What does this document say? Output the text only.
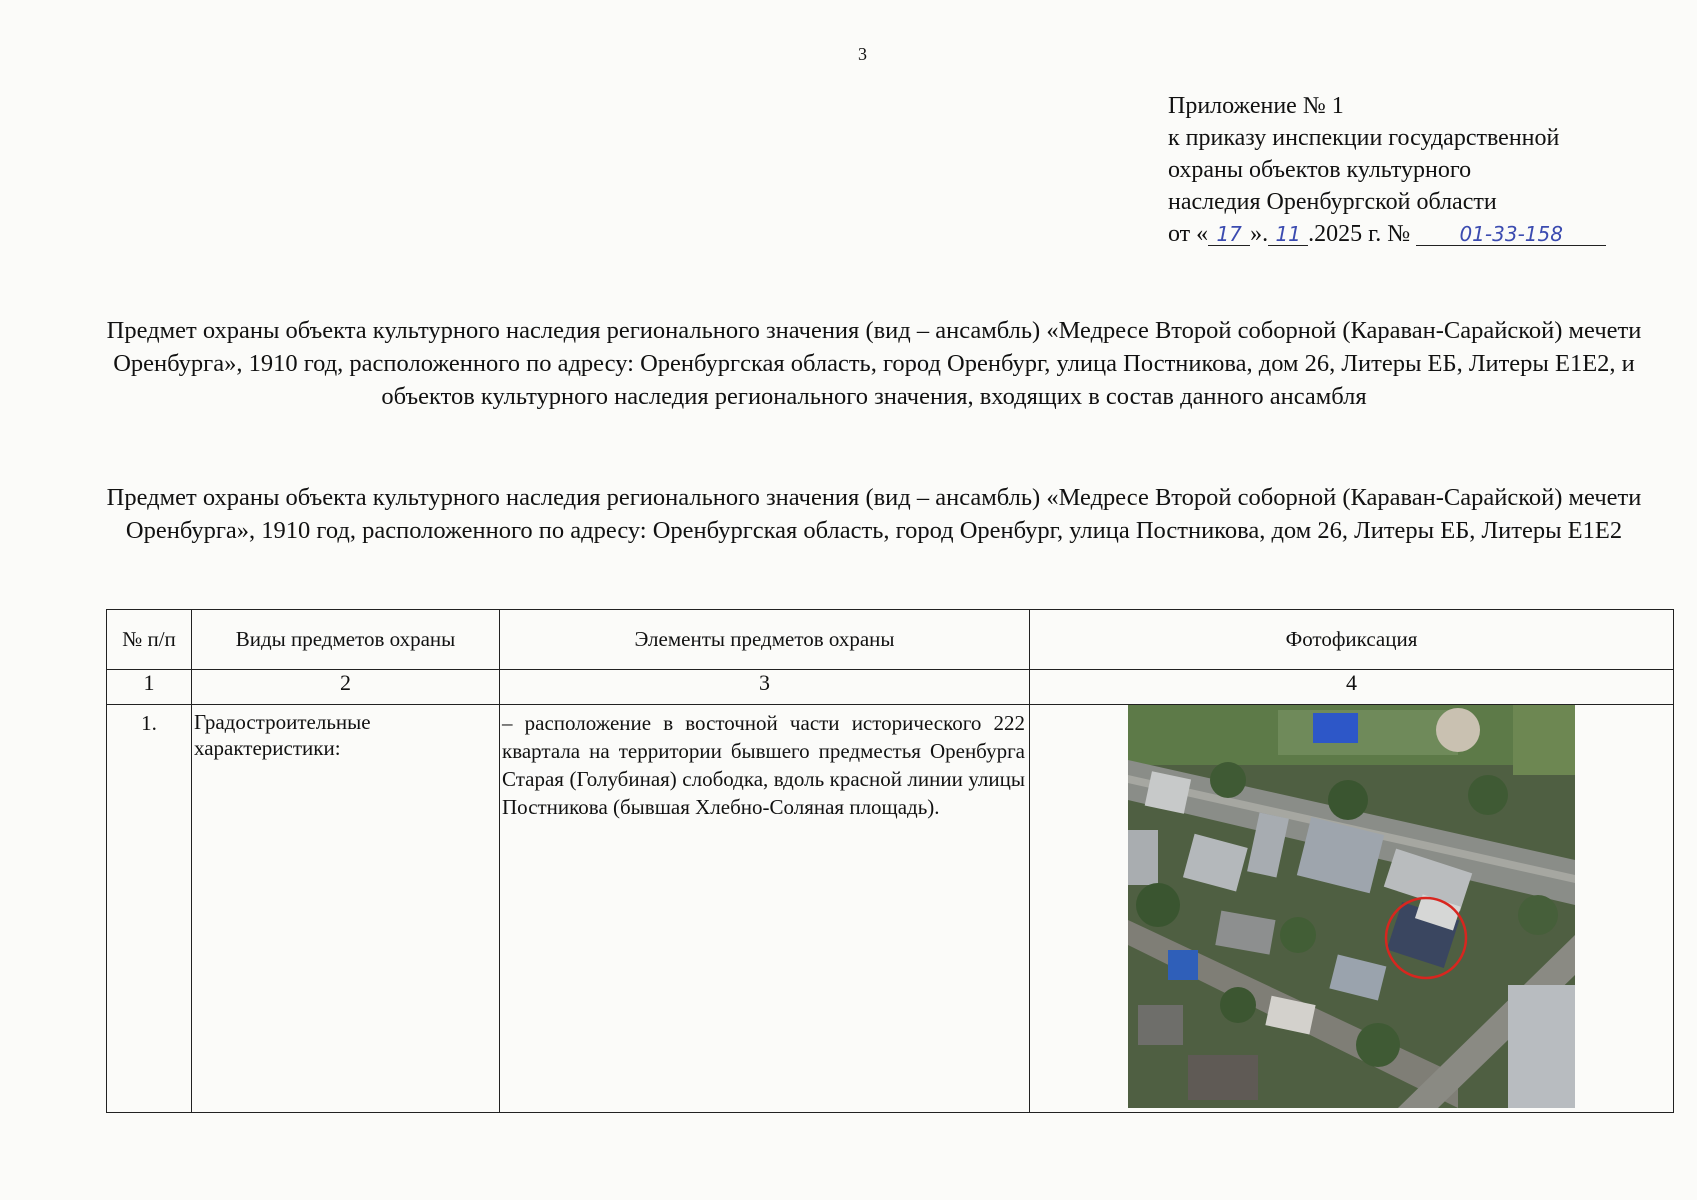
3
Приложение № 1
к приказу инспекции государственной
охраны объектов культурного
наследия Оренбургской области
от « 17 ». 11 .2025 г. № 01-33-158
Предмет охраны объекта культурного наследия регионального значения (вид – ансамбль) «Медресе Второй соборной (Караван-Сарайской) мечети Оренбурга», 1910 год, расположенного по адресу: Оренбургская область, город Оренбург, улица Постникова, дом 26, Литеры ЕБ, Литеры Е1Е2, и объектов культурного наследия регионального значения, входящих в состав данного ансамбля
Предмет охраны объекта культурного наследия регионального значения (вид – ансамбль) «Медресе Второй соборной (Караван-Сарайской) мечети Оренбурга», 1910 год, расположенного по адресу: Оренбургская область, город Оренбург, улица Постникова, дом 26, Литеры ЕБ, Литеры Е1Е2
№ п/п	Виды предметов охраны	Элементы предметов охраны	Фотофиксация
1	2	3	4
1.	Градостроительные характеристики:	– расположение в восточной части исторического 222 квартала на территории бывшего предместья Оренбурга Старая (Голубиная) слободка, вдоль красной линии улицы Постникова (бывшая Хлебно-Соляная площадь).	
